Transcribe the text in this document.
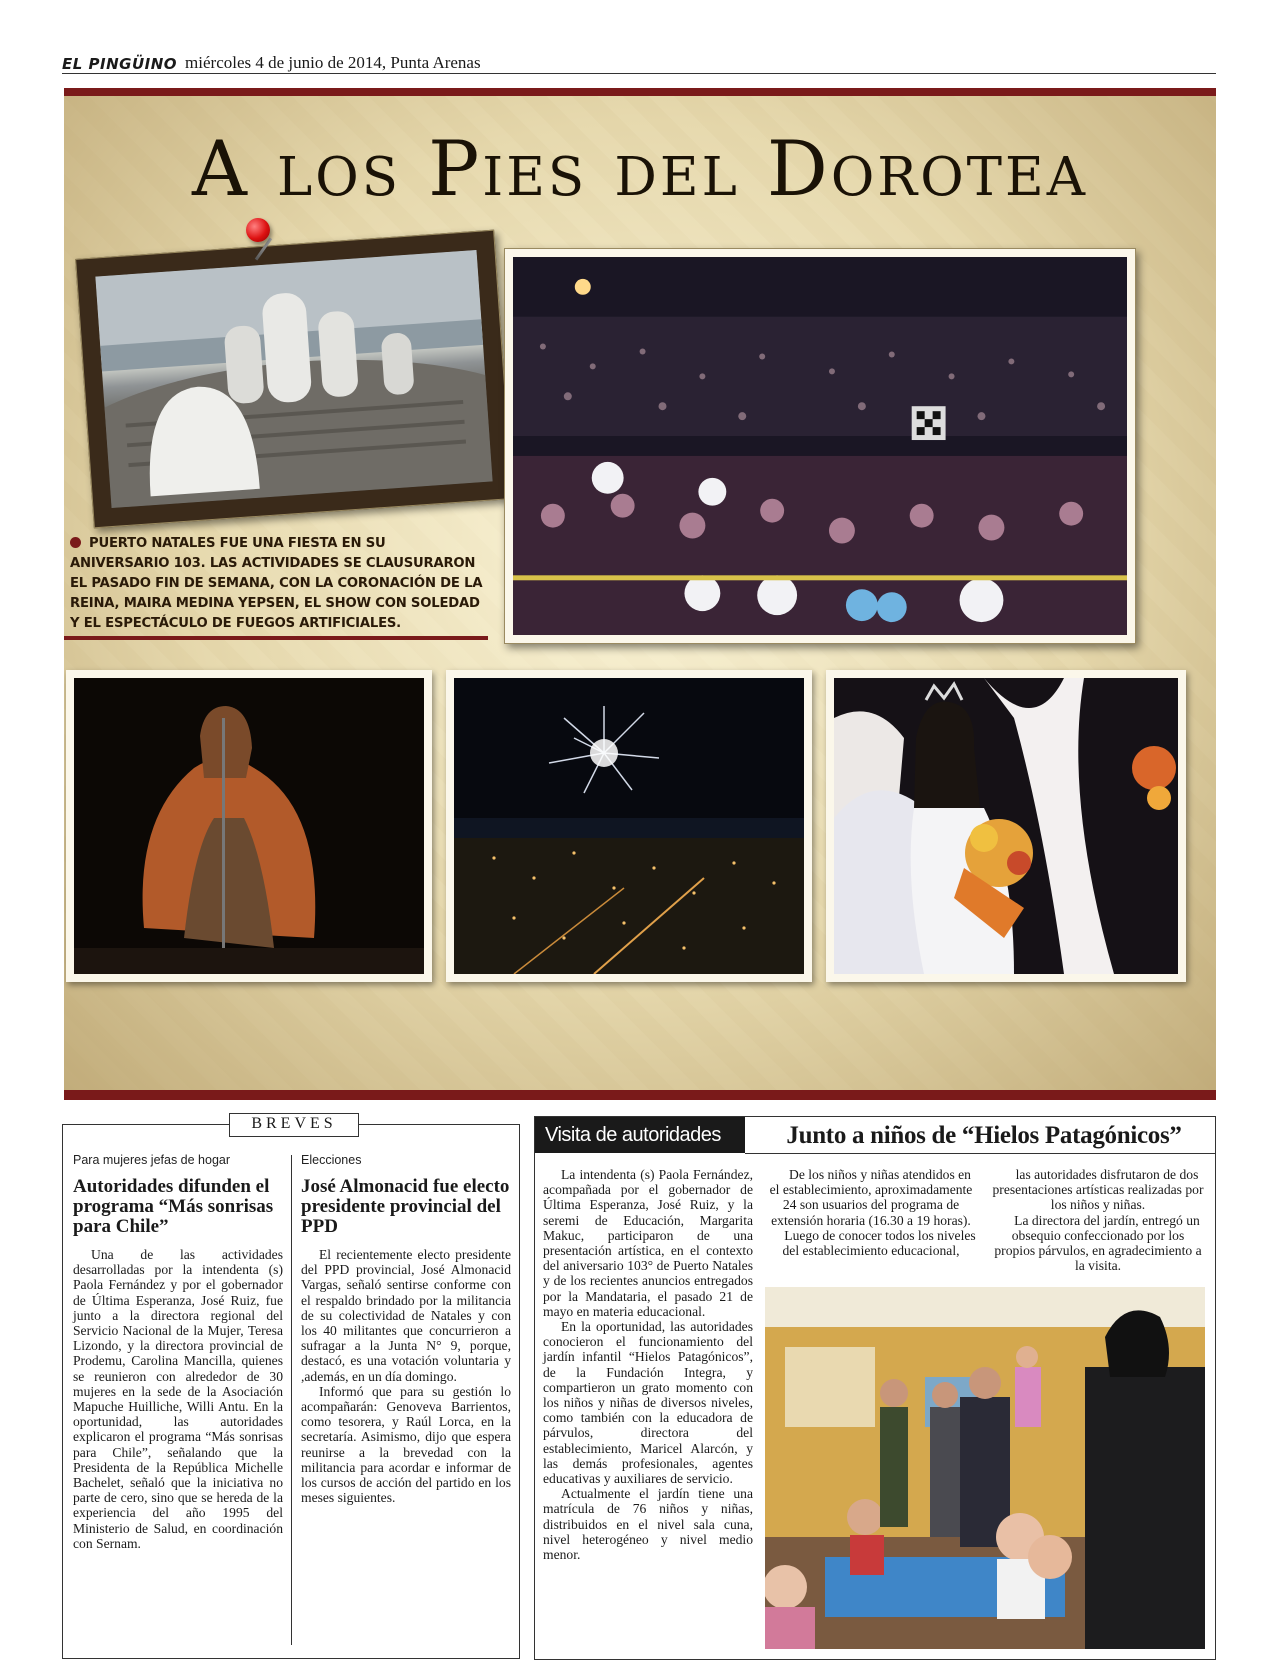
EL PINGÜINO miércoles 4 de junio de 2014, Punta Arenas
A los Pies del Dorotea
PUERTO NATALES FUE UNA FIESTA EN SU ANIVERSARIO 103. LAS ACTIVIDADES SE CLAUSURARON EL PASADO FIN DE SEMANA, CON LA CORONACIÓN DE LA REINA, MAIRA MEDINA YEPSEN, EL SHOW CON SOLEDAD Y EL ESPECTÁCULO DE FUEGOS ARTIFICIALES.
BREVES
Para mujeres jefas de hogar
Autoridades difunden el programa “Más sonrisas para Chile”

Una de las actividades desarrolladas por la intendenta (s) Paola Fernández y por el gobernador de Última Esperanza, José Ruiz, fue junto a la directora regional del Servicio Nacional de la Mujer, Teresa Lizondo, y la directora provincial de Prodemu, Carolina Mancilla, quienes se reunieron con alrededor de 30 mujeres en la sede de la Asociación Mapuche Huilliche, Willi Antu. En la oportunidad, las autoridades explicaron el programa “Más sonrisas para Chile”, señalando que la Presidenta de la República Michelle Bachelet, señaló que la iniciativa no parte de cero, sino que se hereda de la experiencia del año 1995 del Ministerio de Salud, en coordinación con Sernam.

Elecciones
José Almonacid fue electo presidente provincial del PPD

El recientemente electo presidente del PPD provincial, José Almonacid Vargas, señaló sentirse conforme con el respaldo brindado por la militancia de su colectividad de Natales y con los 40 militantes que concurrieron a sufragar a la Junta N° 9, porque, destacó, es una votación voluntaria y ,además, en un día domingo.

Informó que para su gestión lo acompañarán: Genoveva Barrientos, como tesorera, y Raúl Lorca, en la secretaría. Asimismo, dijo que espera reunirse a la brevedad con la militancia para acordar e informar de los cursos de acción del partido en los meses siguientes.

Visita de autoridades	Junto a niños de “Hielos Patagónicos”

La intendenta (s) Paola Fernández, acompañada por el gobernador de Última Esperanza, José Ruiz, y la seremi de Educación, Margarita Makuc, participaron de una presentación artística, en el contexto del aniversario 103° de Puerto Natales y de los recientes anuncios entregados por la Mandataria, el pasado 21 de mayo en materia educacional.

En la oportunidad, las autoridades conocieron el funcionamiento del jardín infantil “Hielos Patagónicos”, de la Fundación Integra, y compartieron un grato momento con los niños y niñas de diversos niveles, como también con la educadora de párvulos, directora del establecimiento, Maricel Alarcón, y las demás profesionales, agentes educativas y auxiliares de servicio.

Actualmente el jardín tiene una matrícula de 76 niños y niñas, distribuidos en el nivel sala cuna, nivel heterogéneo y nivel medio menor.

De los niños y niñas atendidos en el establecimiento, aproximadamente 24 son usuarios del programa de extensión horaria (16.30 a 19 horas).

Luego de conocer todos los niveles del establecimiento educacional,

las autoridades disfrutaron de dos presentaciones artísticas realizadas por los niños y niñas.

La directora del jardín, entregó un obsequio confeccionado por los propios párvulos, en agradecimiento a la visita.
